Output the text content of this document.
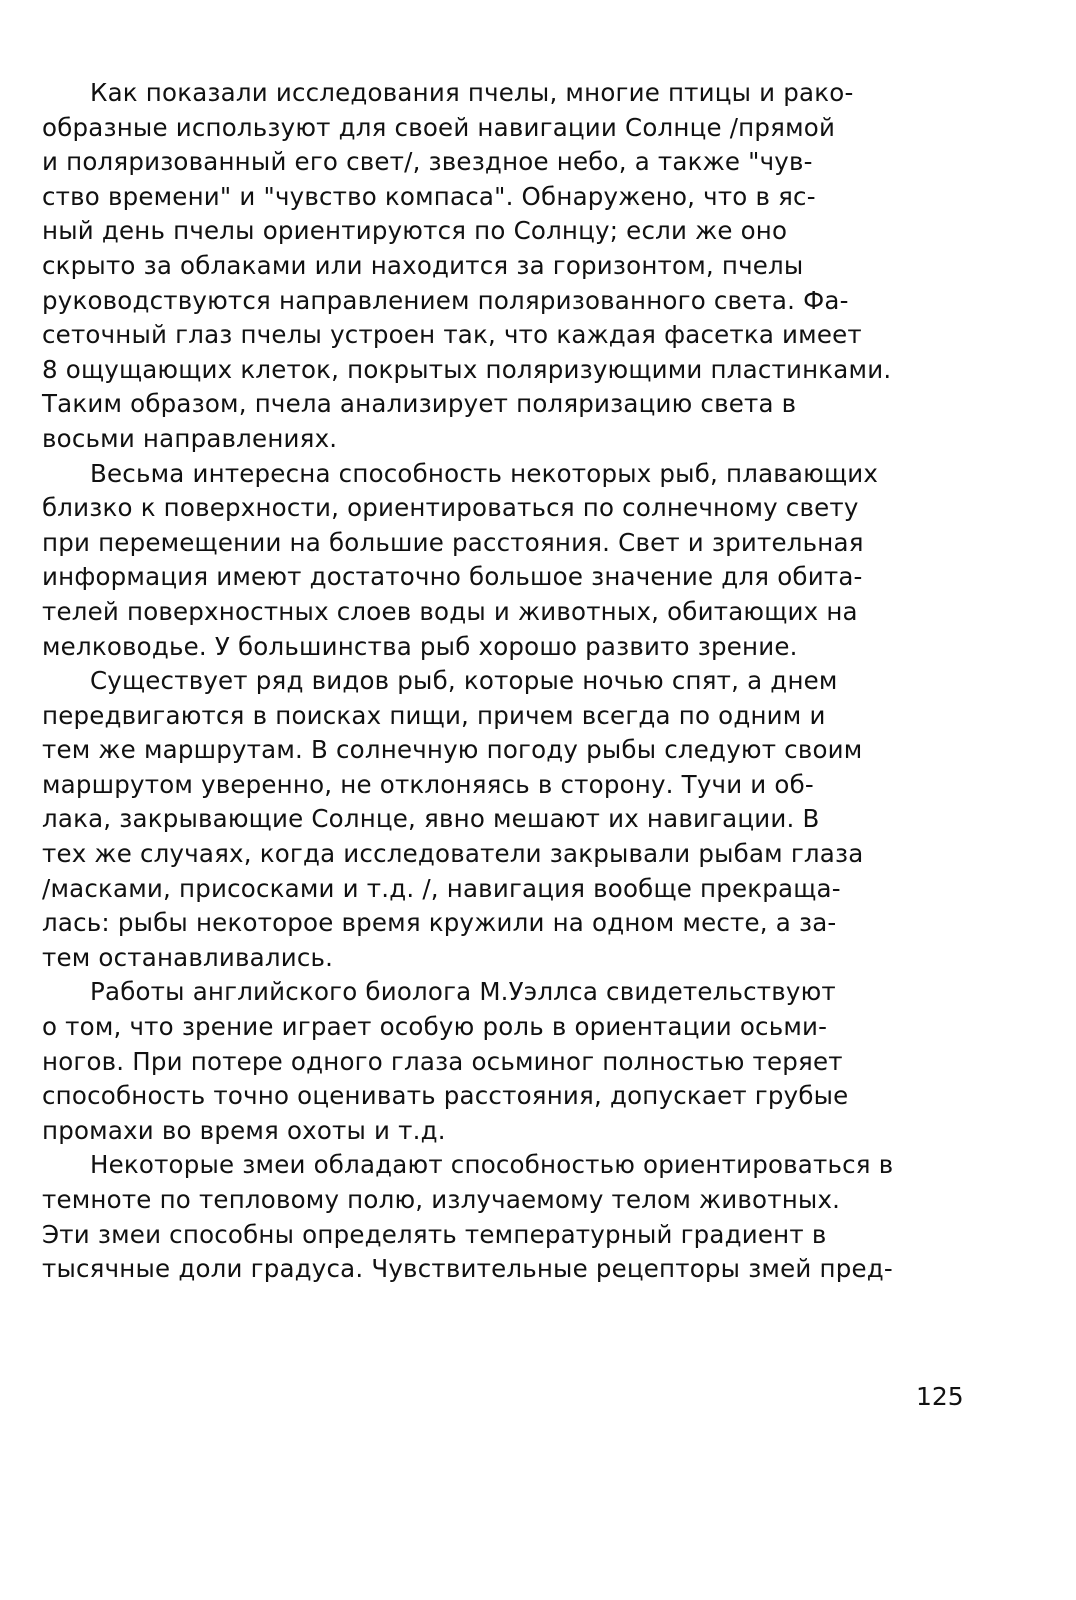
Как показали исследования пчелы, многие птицы и рако-
образные используют для своей навигации Солнце /прямой
и поляризованный его свет/, звездное небо, а также "чув-
ство времени" и "чувство компаса". Обнаружено, что в яс-
ный день пчелы ориентируются по Солнцу; если же оно
скрыто за облаками или находится за горизонтом, пчелы
руководствуются направлением поляризованного света. Фа-
сеточный глаз пчелы устроен так, что каждая фасетка имеет
8 ощущающих клеток, покрытых поляризующими пластинками.
Таким образом, пчела анализирует поляризацию света в
восьми направлениях.
Весьма интересна способность некоторых рыб, плавающих
близко к поверхности, ориентироваться по солнечному свету
при перемещении на большие расстояния. Свет и зрительная
информация имеют достаточно большое значение для обита-
телей поверхностных слоев воды и животных, обитающих на
мелководье. У большинства рыб хорошо развито зрение.
Существует ряд видов рыб, которые ночью спят, а днем
передвигаются в поисках пищи, причем всегда по одним и
тем же маршрутам. В солнечную погоду рыбы следуют своим
маршрутом уверенно, не отклоняясь в сторону. Тучи и об-
лака, закрывающие Солнце, явно мешают их навигации. В
тех же случаях, когда исследователи закрывали рыбам глаза
/масками, присосками и т.д. /, навигация вообще прекраща-
лась: рыбы некоторое время кружили на одном месте, а за-
тем останавливались.
Работы английского биолога М.Уэллса свидетельствуют
о том, что зрение играет особую роль в ориентации осьми-
ногов. При потере одного глаза осьминог полностью теряет
способность точно оценивать расстояния, допускает грубые
промахи во время охоты и т.д.
Некоторые змеи обладают способностью ориентироваться в
темноте по тепловому полю, излучаемому телом животных.
Эти змеи способны определять температурный градиент в
тысячные доли градуса. Чувствительные рецепторы змей пред-
125
